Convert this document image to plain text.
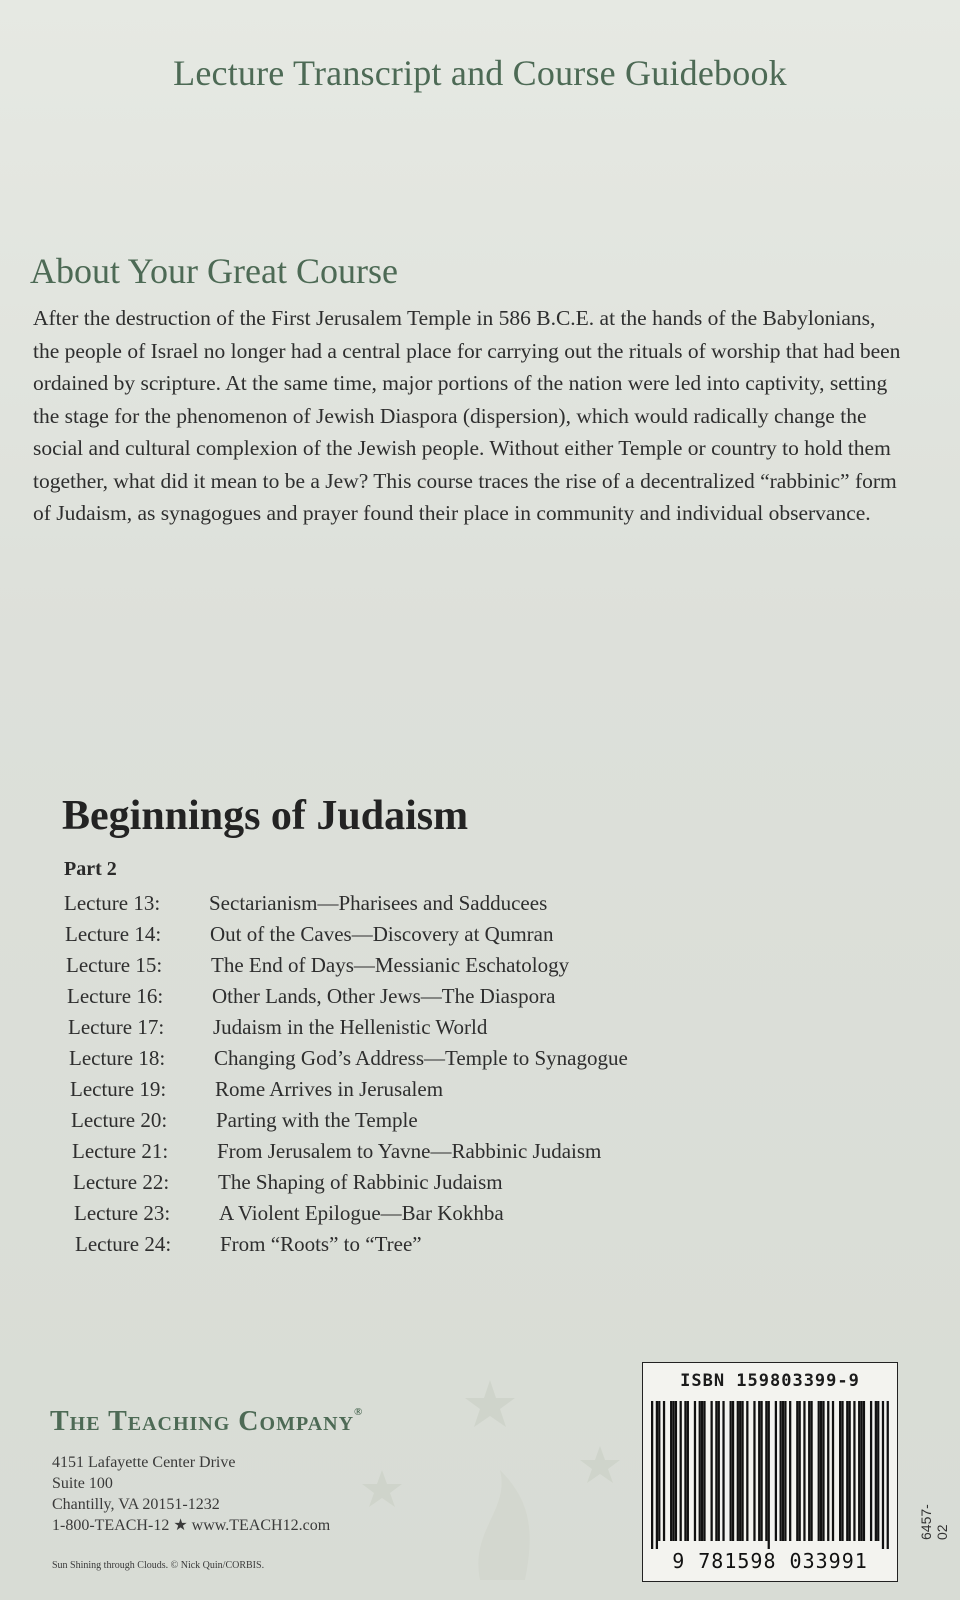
Lecture Transcript and Course Guidebook
About Your Great Course
After the destruction of the First Jerusalem Temple in 586 B.C.E. at the hands of the Babylonians, the people of Israel no longer had a central place for carrying out the rituals of worship that had been ordained by scripture. At the same time, major portions of the nation were led into captivity, setting the stage for the phenomenon of Jewish Diaspora (dispersion), which would radically change the social and cultural complexion of the Jewish people. Without either Temple or country to hold them together, what did it mean to be a Jew? This course traces the rise of a decentralized “rabbinic” form of Judaism, as synagogues and prayer found their place in community and individual observance.
Beginnings of Judaism
Part 2
Lecture 13:	Sectarianism—Pharisees and Sadducees
Lecture 14:	Out of the Caves—Discovery at Qumran
Lecture 15:	The End of Days—Messianic Eschatology
Lecture 16:	Other Lands, Other Jews—The Diaspora
Lecture 17:	Judaism in the Hellenistic World
Lecture 18:	Changing God’s Address—Temple to Synagogue
Lecture 19:	Rome Arrives in Jerusalem
Lecture 20:	Parting with the Temple
Lecture 21:	From Jerusalem to Yavne—Rabbinic Judaism
Lecture 22:	The Shaping of Rabbinic Judaism
Lecture 23:	A Violent Epilogue—Bar Kokhba
Lecture 24:	From “Roots” to “Tree”
The Teaching Company®
4151 Lafayette Center Drive
Suite 100
Chantilly, VA 20151-1232
1-800-TEACH-12 ★ www.TEACH12.com
Sun Shining through Clouds. © Nick Quin/CORBIS.
ISBN 159803399-9
9 781598 033991
6457-02
